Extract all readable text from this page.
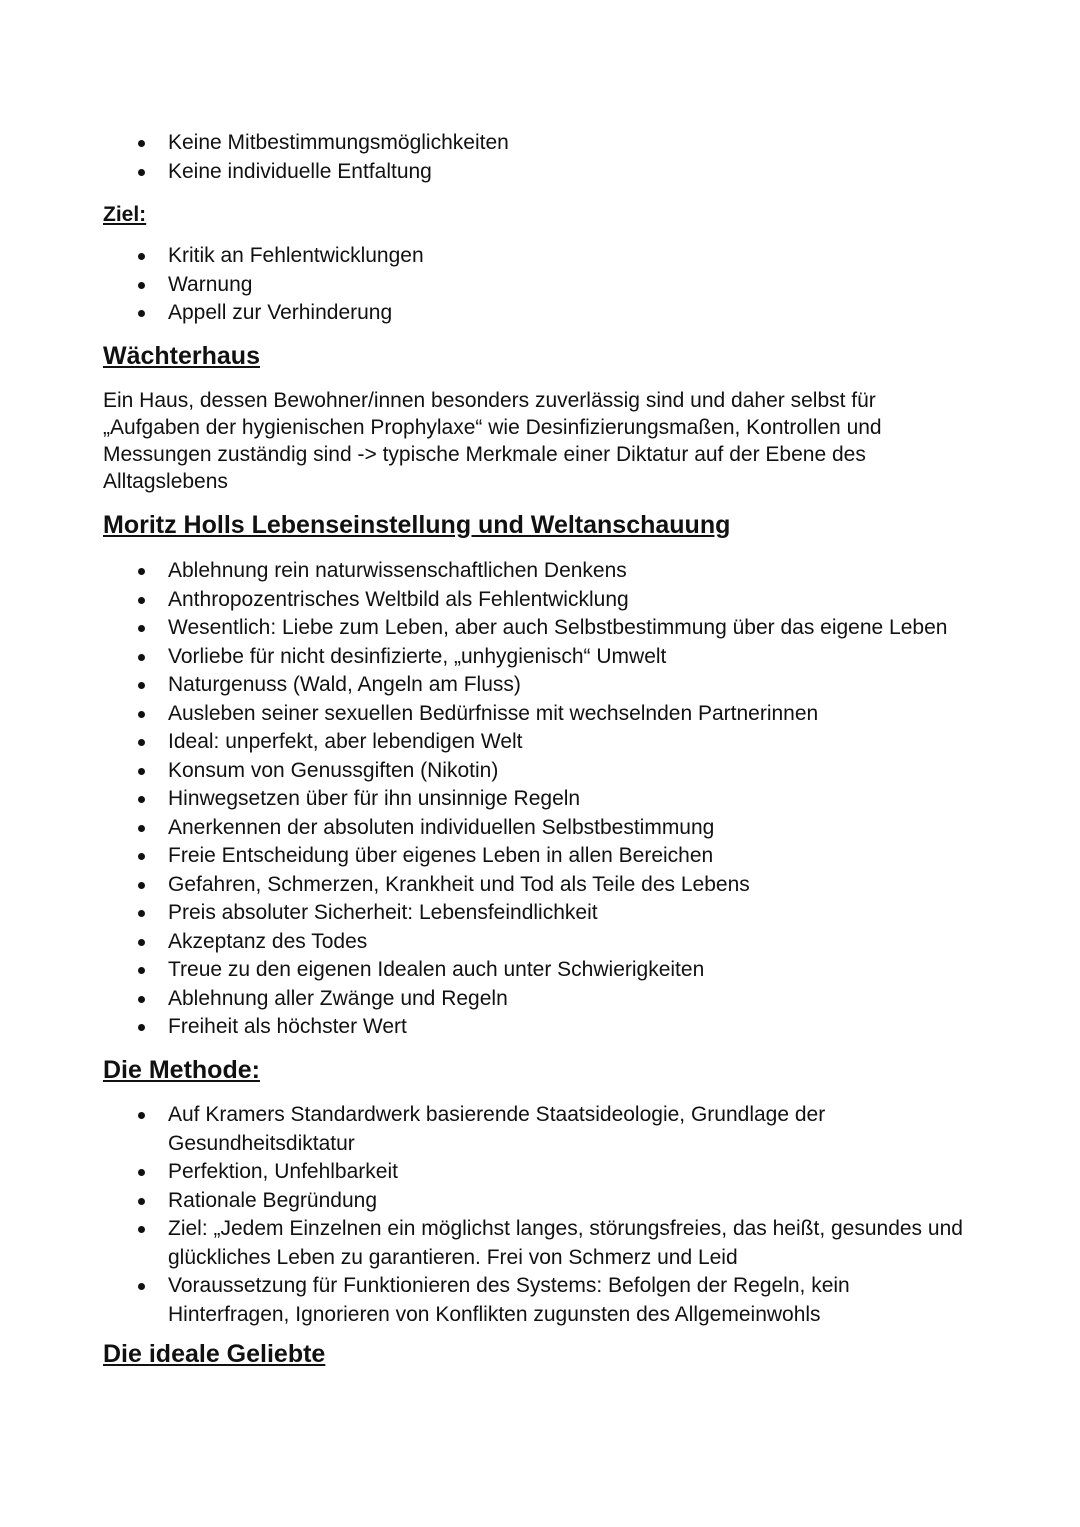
Keine Mitbestimmungsmöglichkeiten
Keine individuelle Entfaltung
Ziel:
Kritik an Fehlentwicklungen
Warnung
Appell zur Verhinderung
Wächterhaus
Ein Haus, dessen Bewohner/innen besonders zuverlässig sind und daher selbst für „Aufgaben der hygienischen Prophylaxe“ wie Desinfizierungsmaßen, Kontrollen und Messungen zuständig sind -> typische Merkmale einer Diktatur auf der Ebene des Alltagslebens
Moritz Holls Lebenseinstellung und Weltanschauung
Ablehnung rein naturwissenschaftlichen Denkens
Anthropozentrisches Weltbild als Fehlentwicklung
Wesentlich: Liebe zum Leben, aber auch Selbstbestimmung über das eigene Leben
Vorliebe für nicht desinfizierte, „unhygienisch“ Umwelt
Naturgenuss (Wald, Angeln am Fluss)
Ausleben seiner sexuellen Bedürfnisse mit wechselnden Partnerinnen
Ideal: unperfekt, aber lebendigen Welt
Konsum von Genussgiften (Nikotin)
Hinwegsetzen über für ihn unsinnige Regeln
Anerkennen der absoluten individuellen Selbstbestimmung
Freie Entscheidung über eigenes Leben in allen Bereichen
Gefahren, Schmerzen, Krankheit und Tod als Teile des Lebens
Preis absoluter Sicherheit: Lebensfeindlichkeit
Akzeptanz des Todes
Treue zu den eigenen Idealen auch unter Schwierigkeiten
Ablehnung aller Zwänge und Regeln
Freiheit als höchster Wert
Die Methode:
Auf Kramers Standardwerk basierende Staatsideologie, Grundlage der Gesundheitsdiktatur
Perfektion, Unfehlbarkeit
Rationale Begründung
Ziel: „Jedem Einzelnen ein möglichst langes, störungsfreies, das heißt, gesundes und glückliches Leben zu garantieren. Frei von Schmerz und Leid
Voraussetzung für Funktionieren des Systems: Befolgen der Regeln, kein Hinterfragen, Ignorieren von Konflikten zugunsten des Allgemeinwohls
Die ideale Geliebte
